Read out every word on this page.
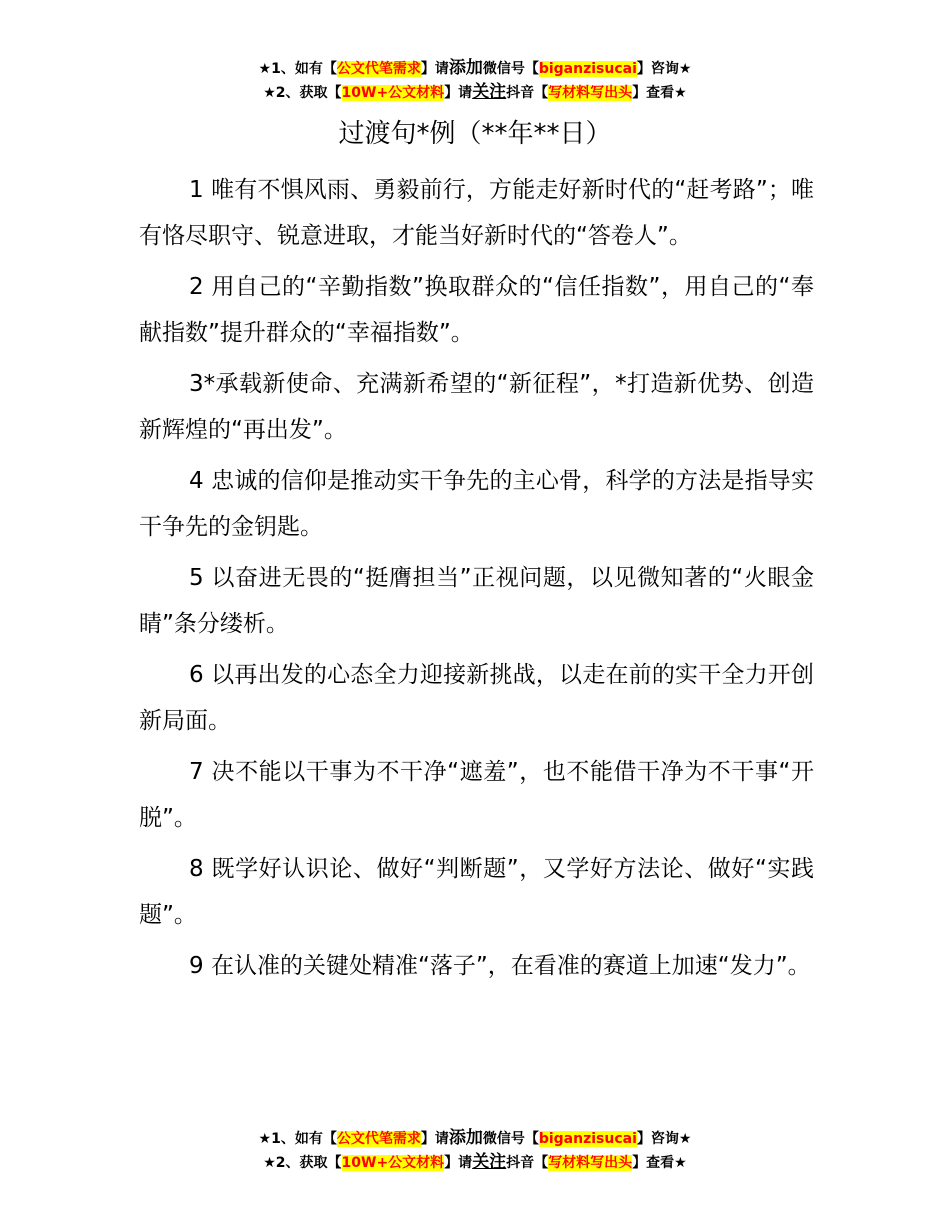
★1、如有【公文代笔需求】请添加微信号【biganzisucai】咨询★
★2、获取【10W+公文材料】请关注抖音【写材料写出头】查看★
过渡句*例（**年**日）

1 唯有不惧风雨、勇毅前行，方能走好新时代的“赶考路”；唯有恪尽职守、锐意进取，才能当好新时代的“答卷人”。

2 用自己的“辛勤指数”换取群众的“信任指数”，用自己的“奉献指数”提升群众的“幸福指数”。

3*承载新使命、充满新希望的“新征程”，*打造新优势、创造新辉煌的“再出发”。

4 忠诚的信仰是推动实干争先的主心骨，科学的方法是指导实干争先的金钥匙。

5 以奋进无畏的“挺膺担当”正视问题，以见微知著的“火眼金睛”条分缕析。

6 以再出发的心态全力迎接新挑战，以走在前的实干全力开创新局面。

7 决不能以干事为不干净“遮羞”，也不能借干净为不干事“开脱”。

8 既学好认识论、做好“判断题”，又学好方法论、做好“实践题”。

9 在认准的关键处精准“落子”，在看准的赛道上加速“发力”。

★1、如有【公文代笔需求】请添加微信号【biganzisucai】咨询★
★2、获取【10W+公文材料】请关注抖音【写材料写出头】查看★
